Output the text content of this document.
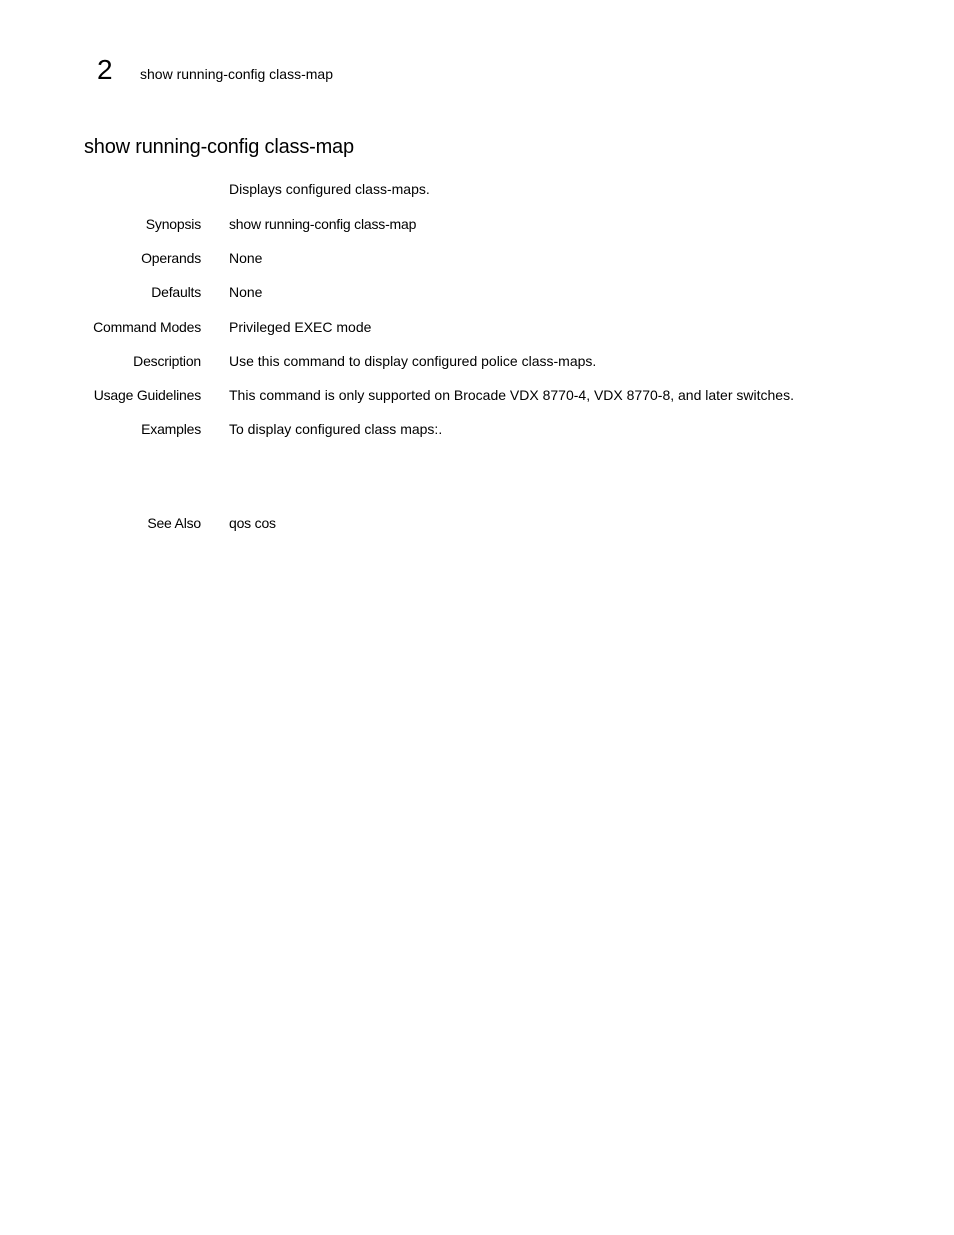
2	show running-config class-map
show running-config class-map
Displays configured class-maps.
Synopsis show running-config class-map
Operands None
Defaults None
Command Modes Privileged EXEC mode
Description Use this command to display configured police class-maps.
Usage Guidelines This command is only supported on Brocade VDX 8770-4, VDX 8770-8, and later switches.
Examples To display configured class maps:.
See Also qos cos
